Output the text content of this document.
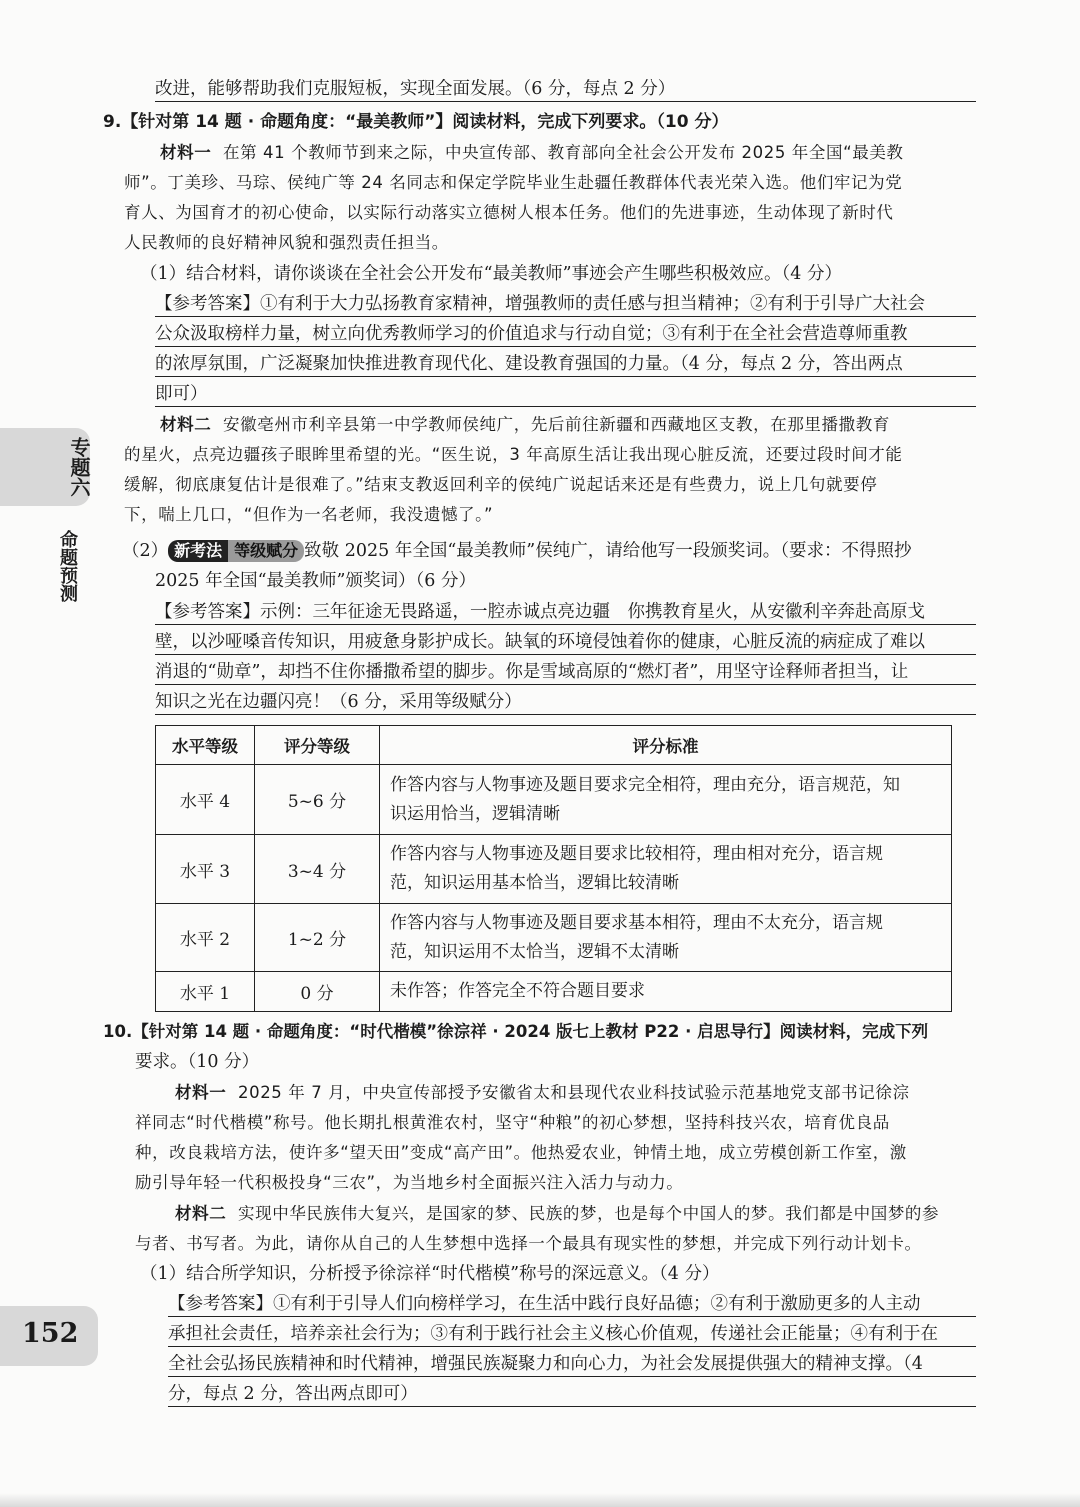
专题六
命题预测
152
改进，能够帮助我们克服短板，实现全面发展。（6 分，每点 2 分）
9.【针对第 14 题 · 命题角度：“最美教师”】阅读材料，完成下列要求。（10 分）
材料一 在第 41 个教师节到来之际，中央宣传部、教育部向全社会公开发布 2025 年全国“最美教
师”。丁美珍、马琮、侯纯广等 24 名同志和保定学院毕业生赴疆任教群体代表光荣入选。他们牢记为党
育人、为国育才的初心使命，以实际行动落实立德树人根本任务。他们的先进事迹，生动体现了新时代
人民教师的良好精神风貌和强烈责任担当。
（1）结合材料，请你谈谈在全社会公开发布“最美教师”事迹会产生哪些积极效应。（4 分）
【参考答案】①有利于大力弘扬教育家精神，增强教师的责任感与担当精神；②有利于引导广大社会
公众汲取榜样力量，树立向优秀教师学习的价值追求与行动自觉；③有利于在全社会营造尊师重教
的浓厚氛围，广泛凝聚加快推进教育现代化、建设教育强国的力量。（4 分，每点 2 分，答出两点
即可）
材料二 安徽亳州市利辛县第一中学教师侯纯广，先后前往新疆和西藏地区支教，在那里播撒教育
的星火，点亮边疆孩子眼眸里希望的光。“医生说，3 年高原生活让我出现心脏反流，还要过段时间才能
缓解，彻底康复估计是很难了。”结束支教返回利辛的侯纯广说起话来还是有些费力，说上几句就要停
下，喘上几口，“但作为一名老师，我没遗憾了。”
（2） 新考法 等级赋分 致敬 2025 年全国“最美教师”侯纯广，请给他写一段颁奖词。（要求：不得照抄
2025 年全国“最美教师”颁奖词）（6 分）
【参考答案】示例：三年征途无畏路遥，一腔赤诚点亮边疆　你携教育星火，从安徽利辛奔赴高原戈
壁，以沙哑嗓音传知识，用疲惫身影护成长。缺氧的环境侵蚀着你的健康，心脏反流的病症成了难以
消退的“勋章”，却挡不住你播撒希望的脚步。你是雪域高原的“燃灯者”，用坚守诠释师者担当，让
知识之光在边疆闪亮！（6 分，采用等级赋分）
水平等级	评分等级	评分标准
水平 4	5~6 分	作答内容与人物事迹及题目要求完全相符，理由充分，语言规范，知
识运用恰当，逻辑清晰

水平 3	3~4 分	作答内容与人物事迹及题目要求比较相符，理由相对充分，语言规
范，知识运用基本恰当，逻辑比较清晰

水平 2	1~2 分	作答内容与人物事迹及题目要求基本相符，理由不太充分，语言规
范，知识运用不太恰当，逻辑不太清晰

水平 1	0 分	未作答；作答完全不符合题目要求
10.【针对第 14 题 · 命题角度：“时代楷模”徐淙祥 · 2024 版七上教材 P22 · 启思导行】阅读材料，完成下列
要求。（10 分）
材料一 2025 年 7 月，中央宣传部授予安徽省太和县现代农业科技试验示范基地党支部书记徐淙
祥同志“时代楷模”称号。他长期扎根黄淮农村，坚守“种粮”的初心梦想，坚持科技兴农，培育优良品
种，改良栽培方法，使许多“望天田”变成“高产田”。他热爱农业，钟情土地，成立劳模创新工作室，激
励引导年轻一代积极投身“三农”，为当地乡村全面振兴注入活力与动力。
材料二 实现中华民族伟大复兴，是国家的梦、民族的梦，也是每个中国人的梦。我们都是中国梦的参
与者、书写者。为此，请你从自己的人生梦想中选择一个最具有现实性的梦想，并完成下列行动计划卡。
（1）结合所学知识，分析授予徐淙祥“时代楷模”称号的深远意义。（4 分）
【参考答案】①有利于引导人们向榜样学习，在生活中践行良好品德；②有利于激励更多的人主动
承担社会责任，培养亲社会行为；③有利于践行社会主义核心价值观，传递社会正能量；④有利于在
全社会弘扬民族精神和时代精神，增强民族凝聚力和向心力，为社会发展提供强大的精神支撑。（4
分，每点 2 分，答出两点即可）
